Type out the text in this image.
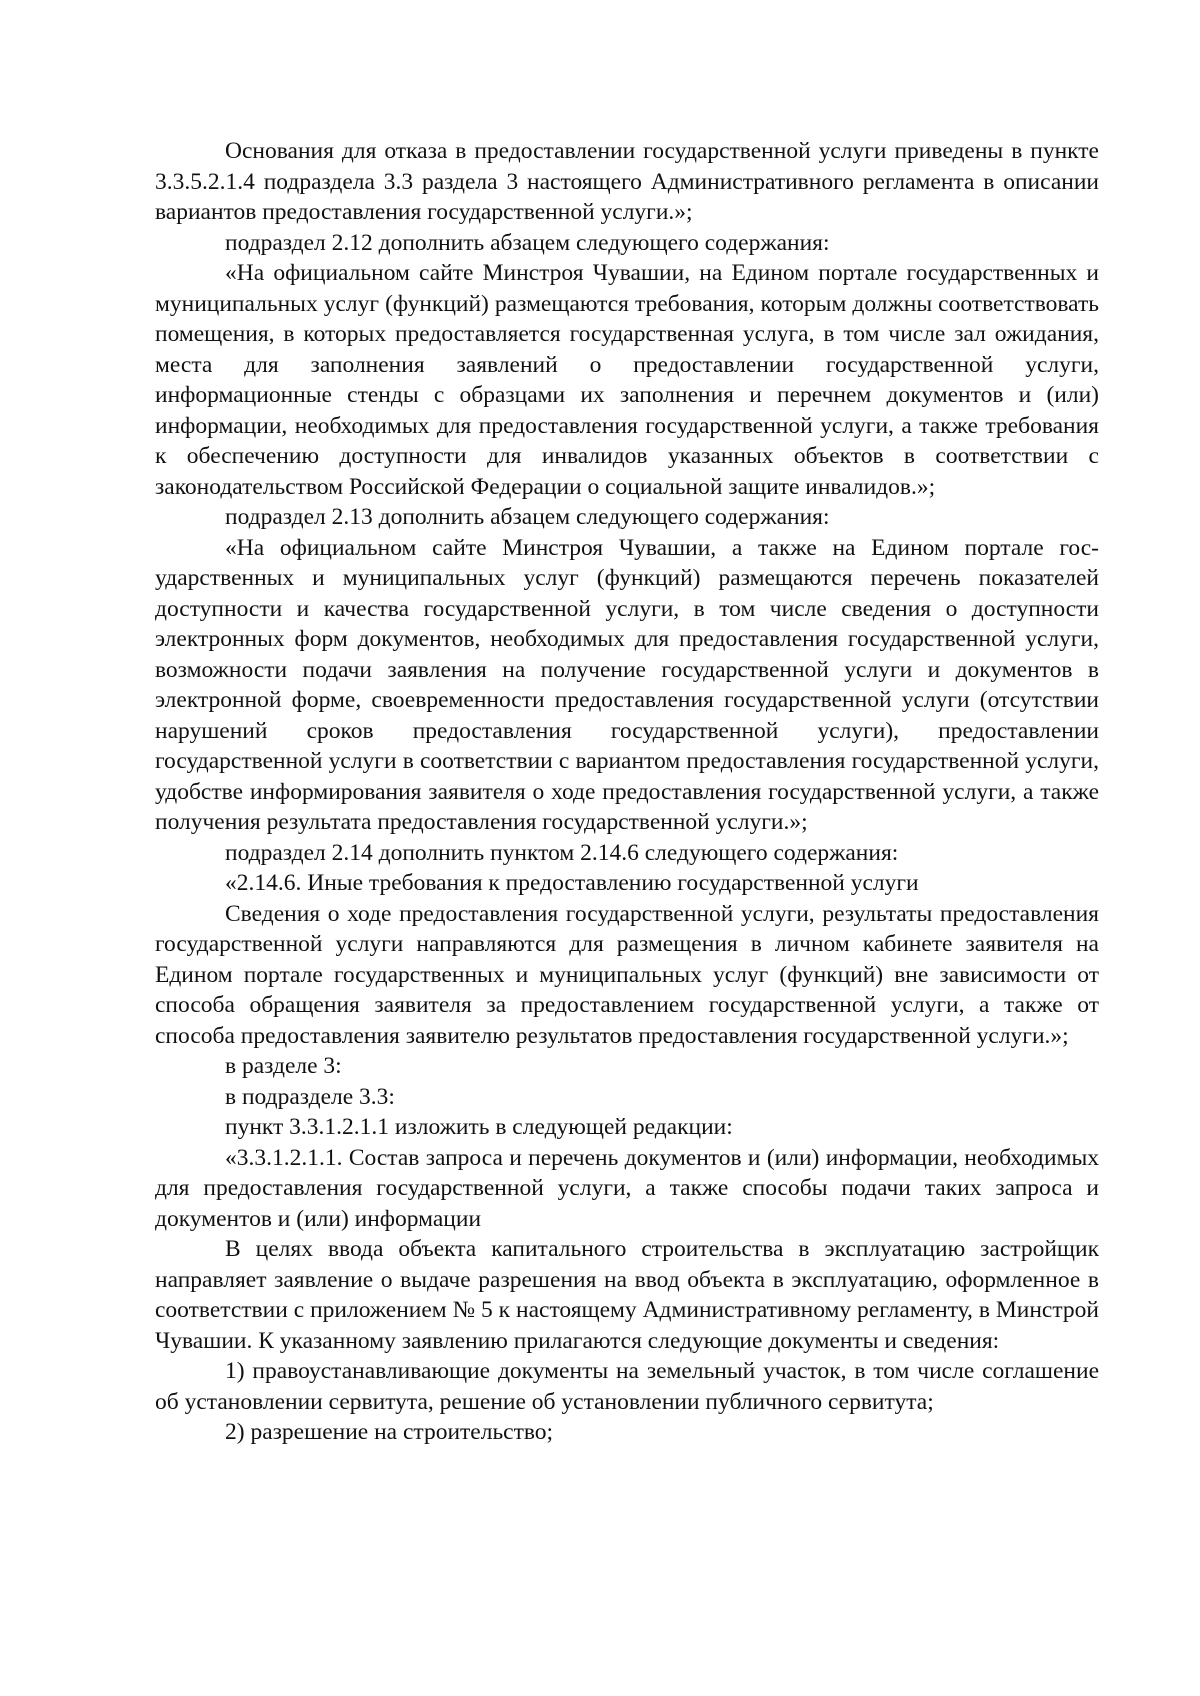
Основания для отказа в предоставлении государственной услуги приведены в пункте 3.3.5.2.1.4 подраздела 3.3 раздела 3 настоящего Административного регламента в описании вариантов предоставления государственной услуги.»;

подраздел 2.12 дополнить абзацем следующего содержания:

«На официальном сайте Минстроя Чувашии, на Едином портале государственных и муниципальных услуг (функций) размещаются требования, которым должны соответствовать помещения, в которых предоставляется государственная услуга, в том числе зал ожидания, места для заполнения заявлений о предоставлении государственной услуги, информационные стенды с образцами их заполнения и перечнем документов и (или) информации, необходимых для предоставления государственной услуги, а также требования к обеспечению доступности для инвалидов указанных объектов в соответствии с законодательством Российской Федерации о социальной защите инвалидов.»;

подраздел 2.13 дополнить абзацем следующего содержания:

«На официальном сайте Минстроя Чувашии, а также на Едином портале государственных и муниципальных услуг (функций) размещаются перечень показателей доступности и качества государственной услуги, в том числе сведения о доступности электронных форм документов, необходимых для предоставления государственной услуги, возможности подачи заявления на получение государственной услуги и документов в электронной форме, своевременности предоставления государственной услуги (отсутствии нарушений сроков предоставления государственной услуги), предоставлении государственной услуги в соответствии с вариантом предоставления государственной услуги, удобстве информирования заявителя о ходе предоставления государственной услуги, а также получения результата предоставления государственной услуги.»;

подраздел 2.14 дополнить пунктом 2.14.6 следующего содержания:

«2.14.6. Иные требования к предоставлению государственной услуги

Сведения о ходе предоставления государственной услуги, результаты предоставления государственной услуги направляются для размещения в личном кабинете заявителя на Едином портале государственных и муниципальных услуг (функций) вне зависимости от способа обращения заявителя за предоставлением государственной услуги, а также от способа предоставления заявителю результатов предоставления государственной услуги.»;

в разделе 3:

в подразделе 3.3:

пункт 3.3.1.2.1.1 изложить в следующей редакции:

«3.3.1.2.1.1. Состав запроса и перечень документов и (или) информации, необходимых для предоставления государственной услуги, а также способы подачи таких запроса и документов и (или) информации

В целях ввода объекта капитального строительства в эксплуатацию застройщик направляет заявление о выдаче разрешения на ввод объекта в эксплуатацию, оформленное в соответствии с приложением № 5 к настоящему Административному регламенту, в Минстрой Чувашии. К указанному заявлению прилагаются следующие документы и сведения:

1) правоустанавливающие документы на земельный участок, в том числе соглашение об установлении сервитута, решение об установлении публичного сервитута;

2) разрешение на строительство;
